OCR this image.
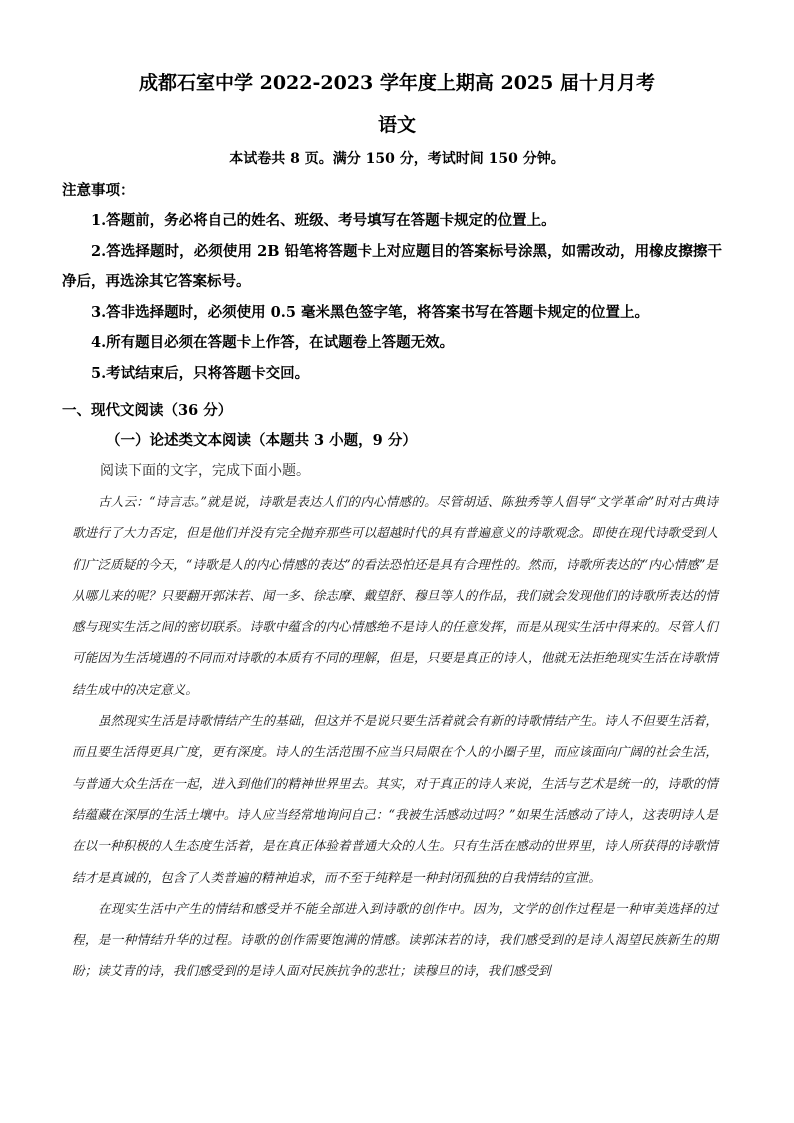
成都石室中学 2022-2023 学年度上期高 2025 届十月月考
语文
本试卷共 8 页。满分 150 分，考试时间 150 分钟。
注意事项：
1.答题前，务必将自己的姓名、班级、考号填写在答题卡规定的位置上。
2.答选择题时，必须使用 2B 铅笔将答题卡上对应题目的答案标号涂黑，如需改动，用橡皮擦擦干净后，再选涂其它答案标号。
3.答非选择题时，必须使用 0.5 毫米黑色签字笔，将答案书写在答题卡规定的位置上。
4.所有题目必须在答题卡上作答，在试题卷上答题无效。
5.考试结束后，只将答题卡交回。
一、现代文阅读（36 分）
（一）论述类文本阅读（本题共 3 小题，9 分）
阅读下面的文字，完成下面小题。

古人云：“诗言志。”就是说，诗歌是表达人们的内心情感的。尽管胡适、陈独秀等人倡导“文学革命”时对古典诗歌进行了大力否定，但是他们并没有完全抛弃那些可以超越时代的具有普遍意义的诗歌观念。即使在现代诗歌受到人们广泛质疑的今天，“诗歌是人的内心情感的表达”的看法恐怕还是具有合理性的。然而，诗歌所表达的“内心情感”是从哪儿来的呢？只要翻开郭沫若、闻一多、徐志摩、戴望舒、穆旦等人的作品，我们就会发现他们的诗歌所表达的情感与现实生活之间的密切联系。诗歌中蕴含的内心情感绝不是诗人的任意发挥，而是从现实生活中得来的。尽管人们可能因为生活境遇的不同而对诗歌的本质有不同的理解，但是，只要是真正的诗人，他就无法拒绝现实生活在诗歌情结生成中的决定意义。

虽然现实生活是诗歌情结产生的基础，但这并不是说只要生活着就会有新的诗歌情结产生。诗人不但要生活着，而且要生活得更具广度，更有深度。诗人的生活范围不应当只局限在个人的小圈子里，而应该面向广阔的社会生活，与普通大众生活在一起，进入到他们的精神世界里去。其实，对于真正的诗人来说，生活与艺术是统一的，诗歌的情结蕴藏在深厚的生活土壤中。诗人应当经常地询问自己：“我被生活感动过吗？”如果生活感动了诗人，这表明诗人是在以一种积极的人生态度生活着，是在真正体验着普通大众的人生。只有生活在感动的世界里，诗人所获得的诗歌情结才是真诚的，包含了人类普遍的精神追求，而不至于纯粹是一种封闭孤独的自我情结的宣泄。

在现实生活中产生的情结和感受并不能全部进入到诗歌的创作中。因为，文学的创作过程是一种审美选择的过程，是一种情结升华的过程。诗歌的创作需要饱满的情感。读郭沫若的诗，我们感受到的是诗人渴望民族新生的期盼；读艾青的诗，我们感受到的是诗人面对民族抗争的悲壮；读穆旦的诗，我们感受到
